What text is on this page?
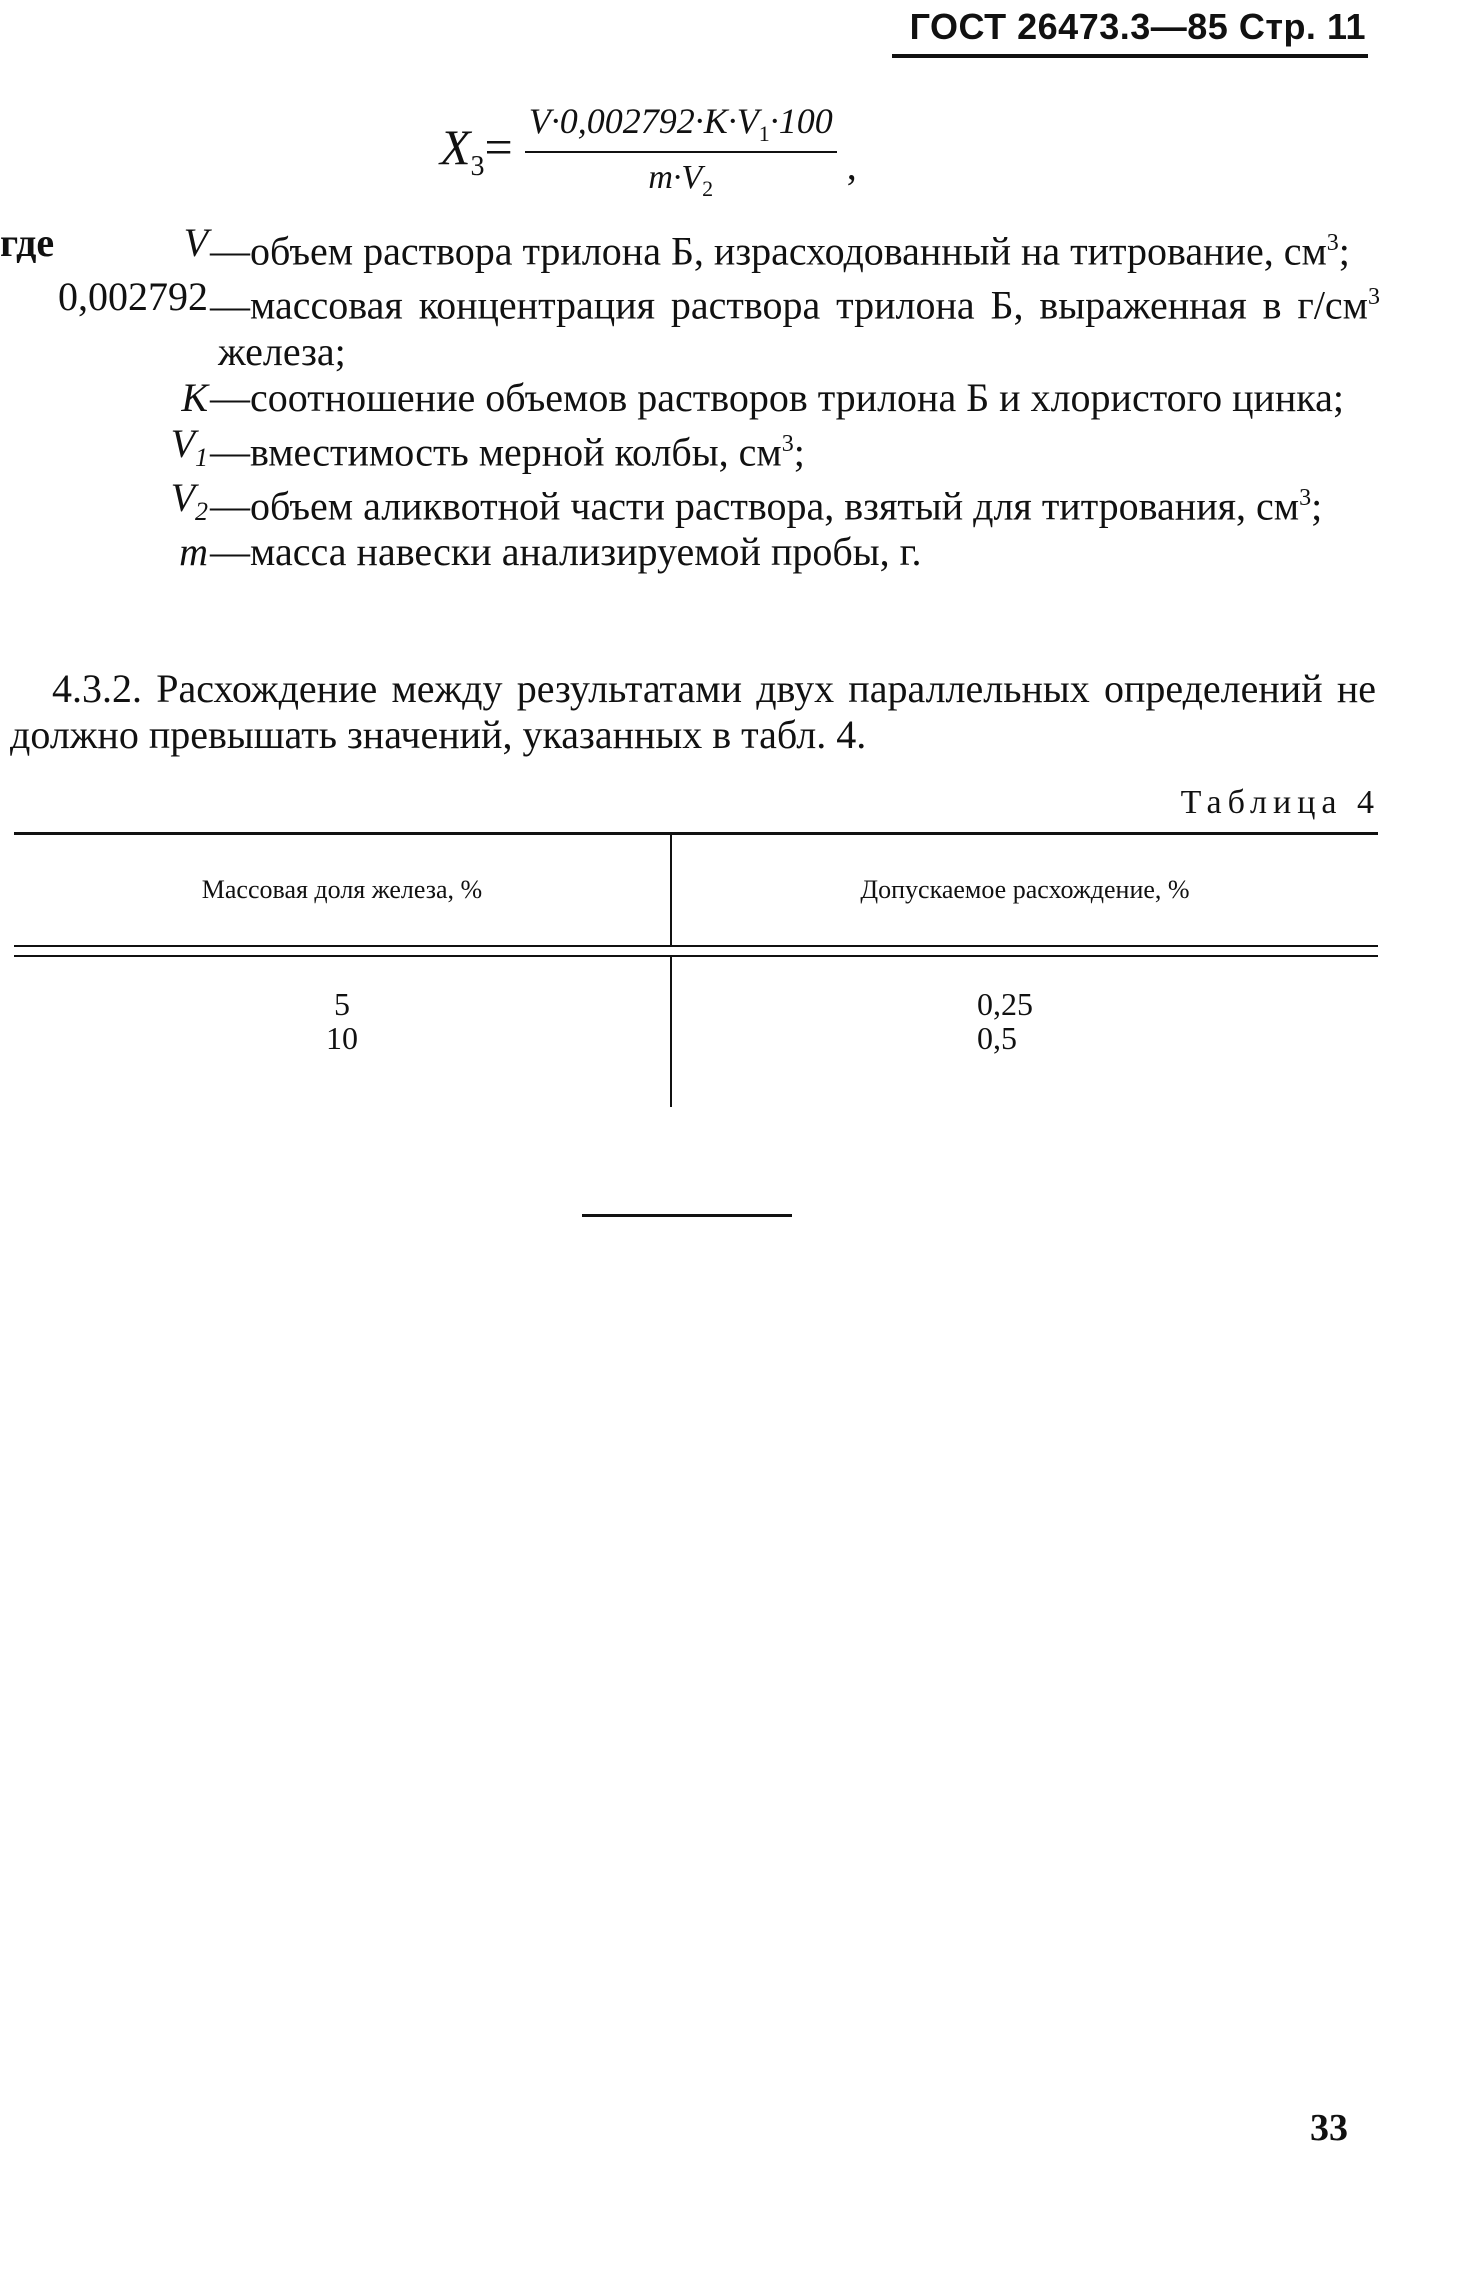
ГОСТ 26473.3—85 Стр. 11
$X_3= \frac{V\cdot 0,002792\cdot K\cdot V_1\cdot 100}{m\cdot V_2}$ ,
где	V —объем раствора трилона Б, израсходованный на титрование, $см^3$;
0,002792 —массовая концентрация раствора трилона Б, выраженная в $г/см^3$ железа;
K —соотношение объемов растворов трилона Б и хлористого цинка;
$V_1$ —вместимость мерной колбы, $см^3$;
$V_2$ —объем аликвотной части раствора, взятый для титрования, $см^3$;
m —масса навески анализируемой пробы, г.
4.3.2. Расхождение между результатами двух параллельных определений не должно превышать значений, указанных в табл. 4.
Таблица 4
Массовая доля железа, %	Допускаемое расхождение, %
5
10
0,25
0,5
33
